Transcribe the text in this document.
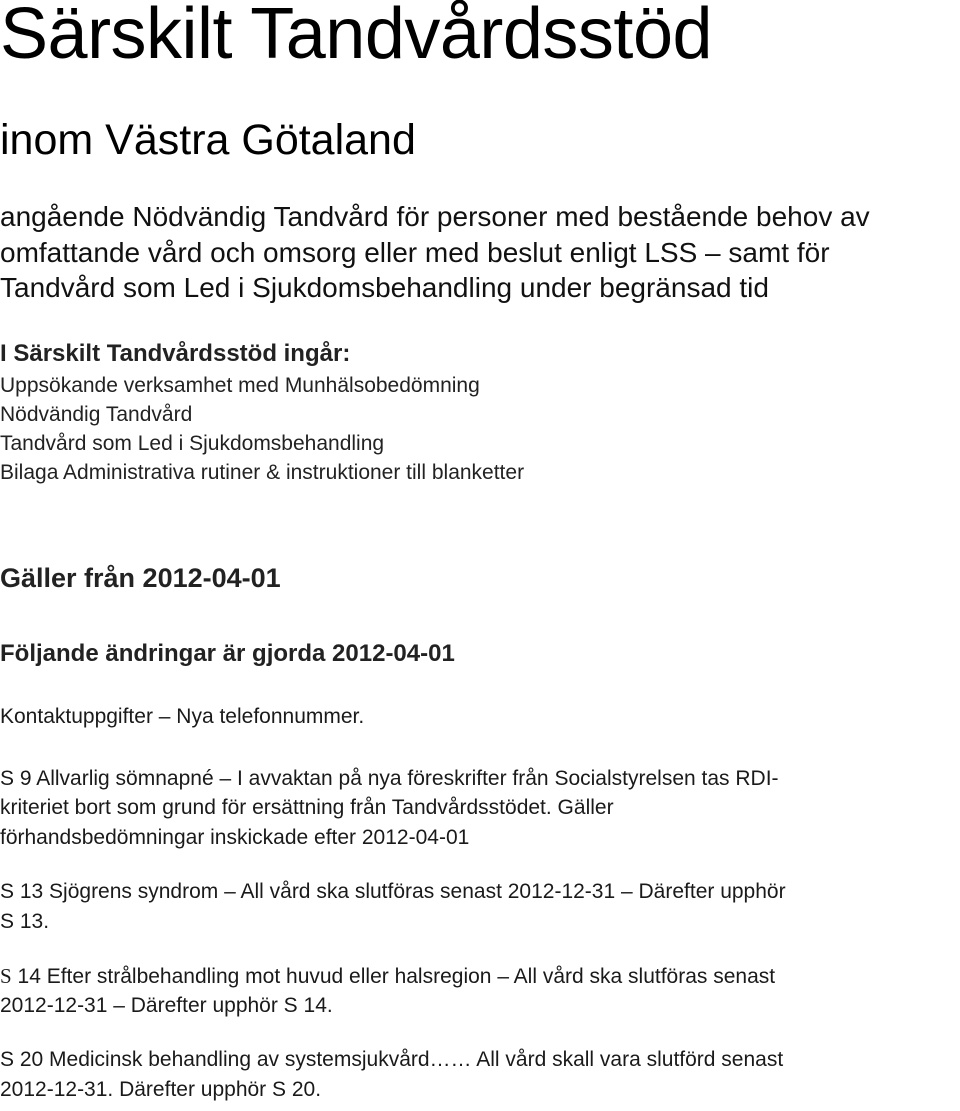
Särskilt Tandvårdsstöd
inom Västra Götaland

angående Nödvändig Tandvård för personer med bestående behov av

omfattande vård och omsorg eller med beslut enligt LSS – samt för

Tandvård som Led i Sjukdomsbehandling under begränsad tid

I Särskilt Tandvårdsstöd ingår:

Uppsökande verksamhet med Munhälsobedömning

Nödvändig Tandvård

Tandvård som Led i Sjukdomsbehandling

Bilaga Administrativa rutiner & instruktioner till blanketter

Gäller från 2012-04-01
Följande ändringar är gjorda 2012-04-01

Kontaktuppgifter – Nya telefonnummer.

S 9 Allvarlig sömnapné – I avvaktan på nya föreskrifter från Socialstyrelsen tas RDI-

kriteriet bort som grund för ersättning från Tandvårdsstödet. Gäller

förhandsbedömningar inskickade efter 2012-04-01

S 13 Sjögrens syndrom – All vård ska slutföras senast 2012-12-31 – Därefter upphör

S 13.

S 14 Efter strålbehandling mot huvud eller halsregion – All vård ska slutföras senast

2012-12-31 – Därefter upphör S 14.

S 20 Medicinsk behandling av systemsjukvård…… All vård skall vara slutförd senast

2012-12-31. Därefter upphör S 20.
